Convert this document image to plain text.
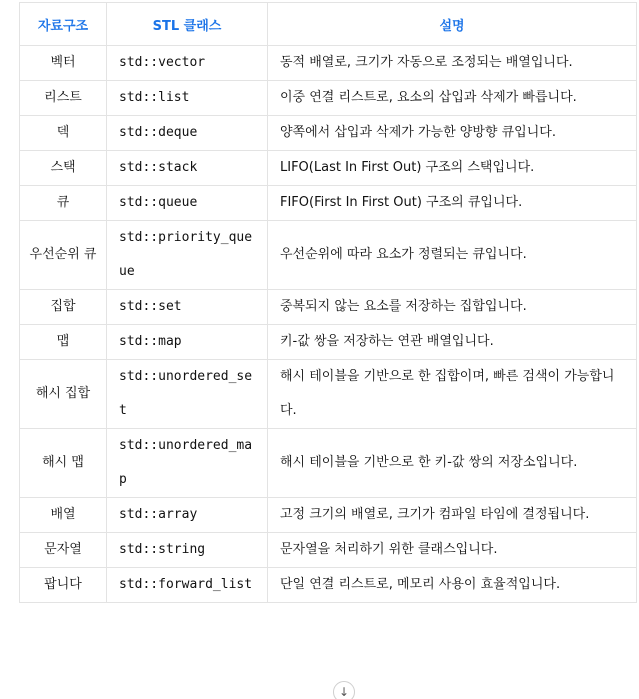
자료구조	STL 클래스	설명
벡터	std::vector	동적 배열로, 크기가 자동으로 조정되는 배열입니다.
리스트	std::list	이중 연결 리스트로, 요소의 삽입과 삭제가 빠릅니다.
덱	std::deque	양쪽에서 삽입과 삭제가 가능한 양방향 큐입니다.
스택	std::stack	LIFO(Last In First Out) 구조의 스택입니다.
큐	std::queue	FIFO(First In First Out) 구조의 큐입니다.
우선순위 큐	std::priority_queue	우선순위에 따라 요소가 정렬되는 큐입니다.
집합	std::set	중복되지 않는 요소를 저장하는 집합입니다.
맵	std::map	키-값 쌍을 저장하는 연관 배열입니다.
해시 집합	std::unordered_set	해시 테이블을 기반으로 한 집합이며, 빠른 검색이 가능합니다.
해시 맵	std::unordered_map	해시 테이블을 기반으로 한 키-값 쌍의 저장소입니다.
배열	std::array	고정 크기의 배열로, 크기가 컴파일 타임에 결정됩니다.
문자열	std::string	문자열을 처리하기 위한 클래스입니다.
팝니다	std::forward_list	단일 연결 리스트로, 메모리 사용이 효율적입니다.
↓
